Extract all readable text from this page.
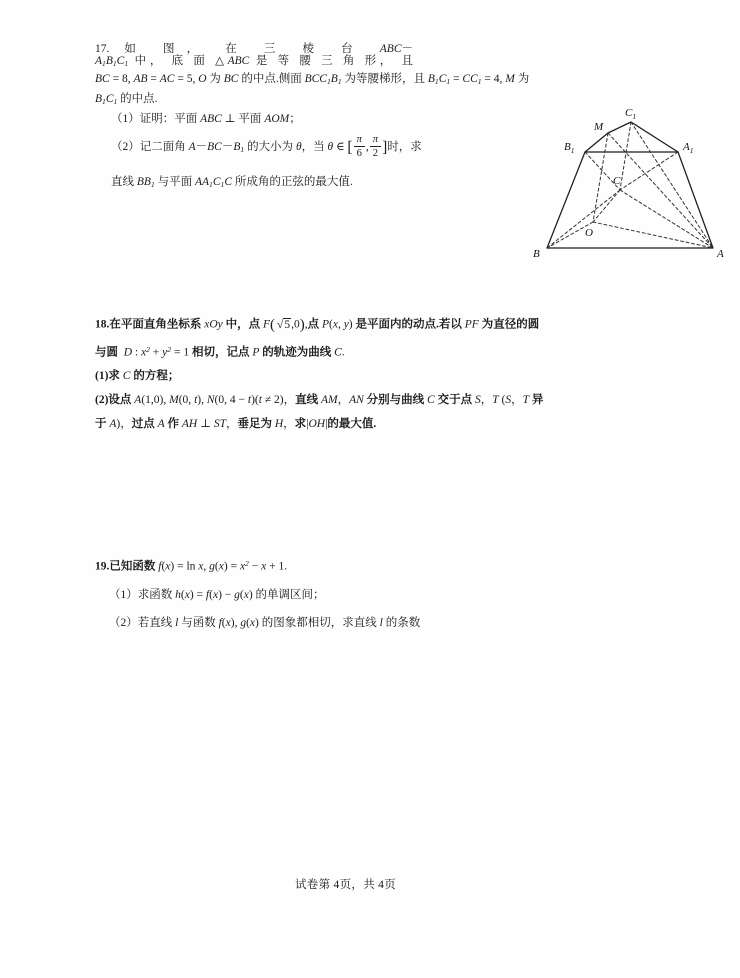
17. 如 图， 在 三 棱 台 $ABC-A_1B_1C_1$ 中， 底 面 △ABC 是 等 腰 三 角 形， 且
BC = 8, AB = AC = 5, O 为 BC 的中点.侧面 $BCC_1B_1$ 为等腰梯形，且 $B_1C_1 = CC_1 = 4$, M 为
$B_1C_1$ 的中点.
（1）证明：平面 ABC ⊥ 平面 AOM；
（2）记二面角 $A-BC-B_1$ 的大小为 θ，当 θ ∈ [ $\frac{\pi}{6}$ , $\frac{\pi}{2}$ ]时，求
直线 $BB_1$ 与平面 $AA_1C_1C$ 所成角的正弦的最大值.
$C_1$
M
$B_1$	$A_1$
C
O
B	A
18.在平面直角坐标系 xOy 中，点 F( √5,0),点 P(x, y) 是平面内的动点.若以 PF 为直径的圆
与圆 D : $x^2 + y^2 = 1$ 相切，记点 P 的轨迹为曲线 C.
(1)求 C 的方程；
(2)设点 A(1,0), M(0, t), N(0, 4 − t)(t ≠ 2)，直线 AM，AN 分别与曲线 C 交于点 S，T (S，T 异
于 A)，过点 A 作 AH ⊥ ST，垂足为 H，求|OH|的最大值.
19.已知函数 f(x) = ln x, $g(x) = x^2 - x + 1$.
（1）求函数 h(x) = f(x) − g(x) 的单调区间；
（2）若直线 l 与函数 f(x), g(x) 的图象都相切，求直线 l 的条数
试卷第 4页，共 4页
